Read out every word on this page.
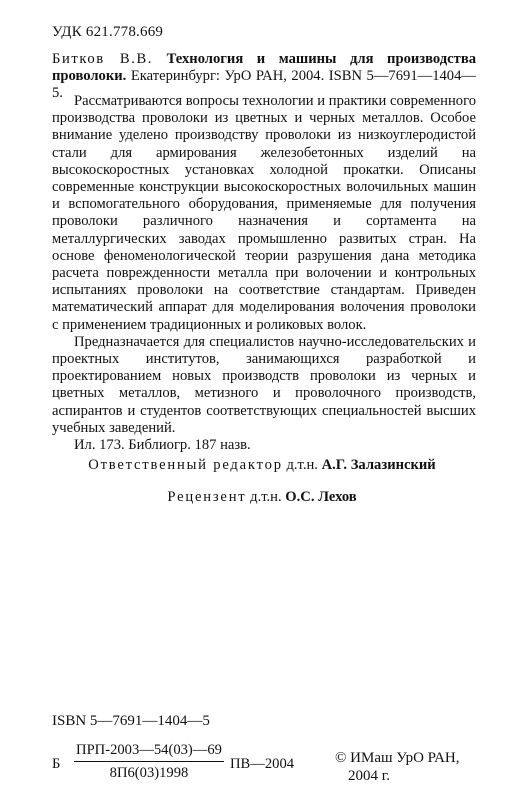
УДК 621.778.669
Битков В.В. Технология и машины для производства проволоки. Екатеринбург: УрО РАН, 2004. ISBN 5—7691—1404—5. Рассматриваются вопросы технологии и практики современного производства проволоки из цветных и черных металлов. Особое внимание уделено производству проволоки из низкоуглеродистой стали для армирования железобетонных изделий на высокоскоростных установках холодной прокатки. Описаны современные конструкции высокоскоростных волочильных машин и вспомогательного оборудования, применяемые для получения проволоки различного назначения и сортамента на металлургических заводах промышленно развитых стран. На основе феноменологической теории разрушения дана методика расчета поврежденности металла при волочении и контрольных испытаниях проволоки на соответствие стандартам. Приведен математический аппарат для моделирования волочения проволоки с применением традиционных и роликовых волок.

Предназначается для специалистов научно-исследовательских и проектных институтов, занимающихся разработкой и проектированием новых производств проволоки из черных и цветных металлов, метизного и проволочного производств, аспирантов и студентов соответствующих специальностей высших учебных заведений.

Ил. 173. Библиогр. 187 назв.

Ответственный редактор д.т.н. А.Г. Залазинский
Рецензент д.т.н. О.С. Лехов
ISBN 5—7691—1404—5
Б
ПРП-2003—54(03)—69
8П6(03)1998
ПВ—2004	© ИМаш УрО РАН,
2004 г.
